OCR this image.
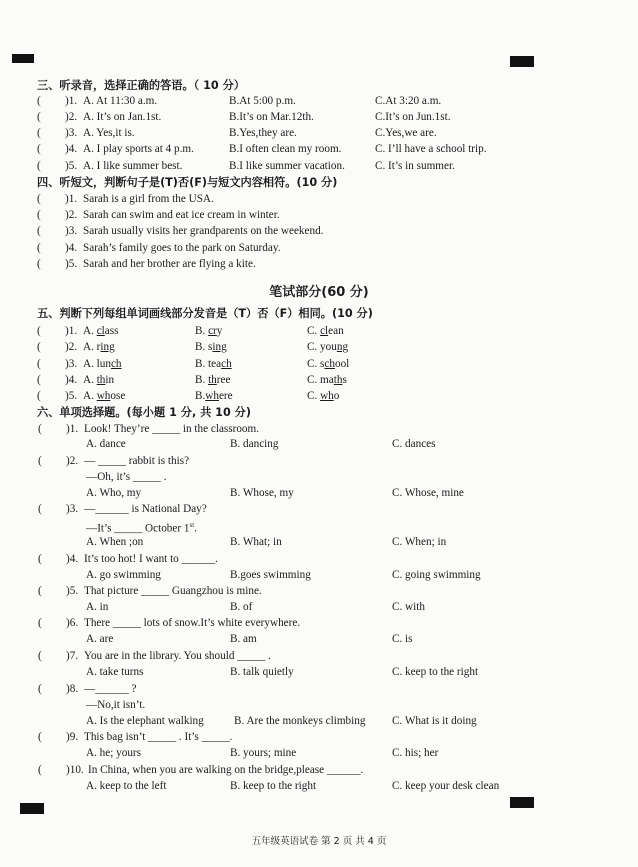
三、听录音，选择正确的答语。（ 10 分）
( )1. A. At 11:30 a.m.	B.At 5:00 p.m.	C.At 3:20 a.m.
( )2. A. It’s on Jan.1st.	B.It’s on Mar.12th.	C.It’s on Jun.1st.
( )3. A. Yes,it is.	B.Yes,they are.	C.Yes,we are.
( )4. A. I play sports at 4 p.m.	B.I often clean my room.	C. I’ll have a school trip.
( )5. A. I like summer best.	B.I like summer vacation.	C. It’s in summer.
四、听短文，判断句子是(T)否(F)与短文内容相符。(10 分)
( )1. Sarah is a girl from the USA.
( )2. Sarah can swim and eat ice cream in winter.
( )3. Sarah usually visits her grandparents on the weekend.
( )4. Sarah’s family goes to the park on Saturday.
( )5. Sarah and her brother are flying a kite.
笔试部分(60 分)
五、判断下列每组单词画线部分发音是（T）否（F）相同。(10 分)
( )1. A. class	B. cry	C. clean
( )2. A. ring	B. sing	C. young
( )3. A. lunch	B. teach	C. school
( )4. A. thin	B. three	C. maths
( )5. A. whose	B.where	C. who
六、单项选择题。(每小题 1 分, 共 10 分)
( )1. Look! They’re _____ in the classroom.
A. dance	B. dancing	C. dances
( )2. — _____ rabbit is this?
—Oh, it’s _____ .
A. Who, my	B. Whose, my	C. Whose, mine
( )3. —______ is National Day?
—It’s _____ October 1st.
A. When ;on	B. What; in	C. When; in
( )4. It’s too hot! I want to ______.
A. go swimming	B.goes swimming	C. going swimming
( )5. That picture _____ Guangzhou is mine.
A. in	B. of	C. with
( )6. There _____ lots of snow.It’s white everywhere.
A. are	B. am	C. is
( )7. You are in the library. You should _____ .
A. take turns	B. talk quietly	C. keep to the right
( )8. —______ ?
—No,it isn’t.
A. Is the elephant walking	B. Are the monkeys climbing C. What is it doing
( )9. This bag isn’t _____ . It’s _____.
A. he; yours	B. yours; mine	C. his; her
( )10. In China, when you are walking on the bridge,please ______.
A. keep to the left	B. keep to the right	C. keep your desk clean
五年级英语试卷 第 2 页 共 4 页
